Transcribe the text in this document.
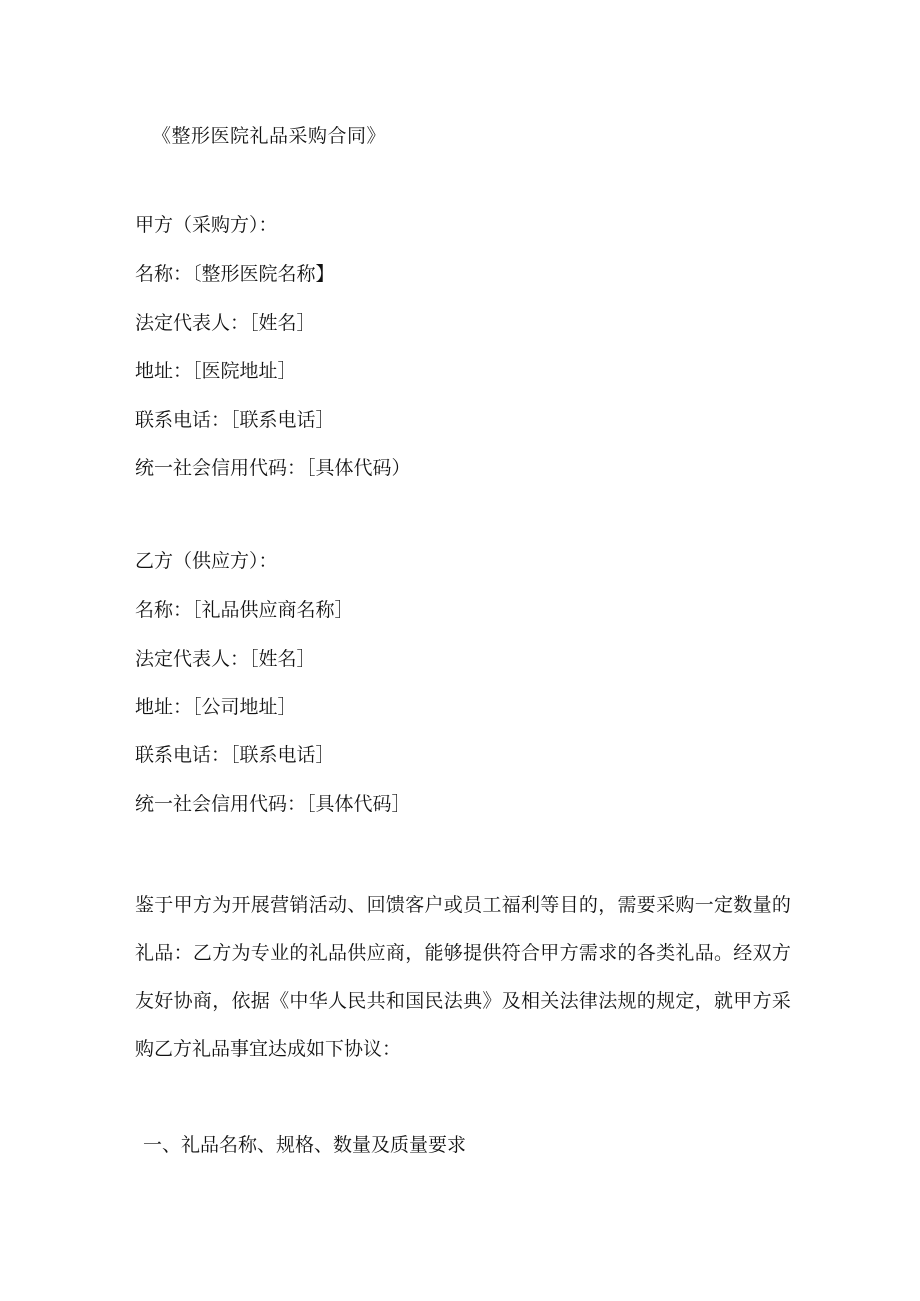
《整形医院礼品采购合同》

甲方（采购方）：

名称：〔整形医院名称】

法定代表人：［姓名］

地址：［医院地址］

联系电话：［联系电话］

统一社会信用代码：［具体代码）

乙方（供应方）：

名称：［礼品供应商名称］

法定代表人：［姓名］

地址：［公司地址］

联系电话：［联系电话］

统一社会信用代码：［具体代码］

鉴于甲方为开展营销活动、回馈客户或员工福利等目的，需要采购一定数量的
礼品：乙方为专业的礼品供应商，能够提供符合甲方需求的各类礼品。经双方
友好协商，依据《中华人民共和国民法典》及相关法律法规的规定，就甲方采
购乙方礼品事宜达成如下协议：

一、礼品名称、规格、数量及质量要求
